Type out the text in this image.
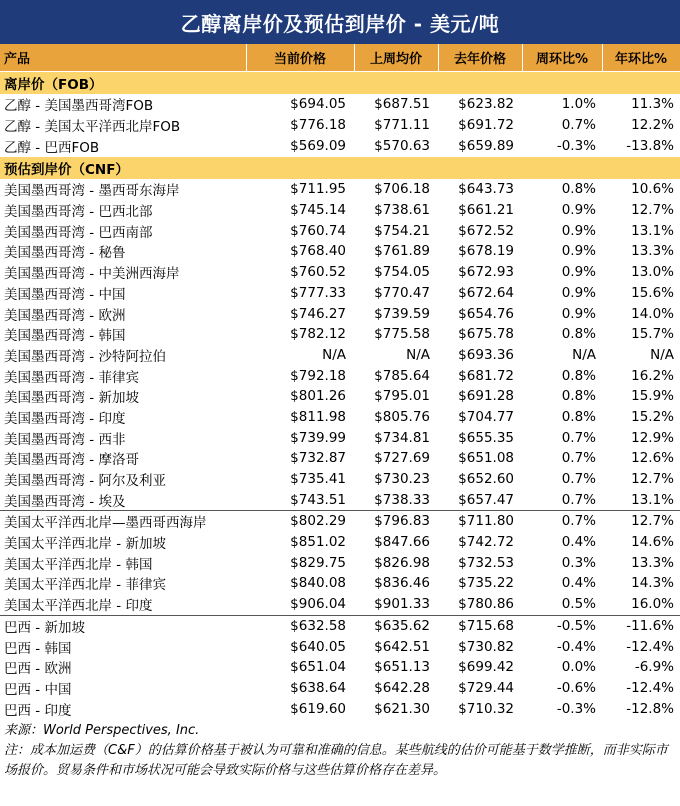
乙醇离岸价及预估到岸价 - 美元/吨
产品	当前价格	上周均价	去年价格	周环比%	年环比%
离岸价（FOB）					
乙醇 - 美国墨西哥湾FOB	$694.05	$687.51	$623.82	1.0%	11.3%
乙醇 - 美国太平洋西北岸FOB	$776.18	$771.11	$691.72	0.7%	12.2%
乙醇 - 巴西FOB	$569.09	$570.63	$659.89	-0.3%	-13.8%
预估到岸价（CNF）					
美国墨西哥湾 - 墨西哥东海岸	$711.95	$706.18	$643.73	0.8%	10.6%
美国墨西哥湾 - 巴西北部	$745.14	$738.61	$661.21	0.9%	12.7%
美国墨西哥湾 - 巴西南部	$760.74	$754.21	$672.52	0.9%	13.1%
美国墨西哥湾 - 秘鲁	$768.40	$761.89	$678.19	0.9%	13.3%
美国墨西哥湾 - 中美洲西海岸	$760.52	$754.05	$672.93	0.9%	13.0%
美国墨西哥湾 - 中国	$777.33	$770.47	$672.64	0.9%	15.6%
美国墨西哥湾 - 欧洲	$746.27	$739.59	$654.76	0.9%	14.0%
美国墨西哥湾 - 韩国	$782.12	$775.58	$675.78	0.8%	15.7%
美国墨西哥湾 - 沙特阿拉伯	N/A	N/A	$693.36	N/A	N/A
美国墨西哥湾 - 菲律宾	$792.18	$785.64	$681.72	0.8%	16.2%
美国墨西哥湾 - 新加坡	$801.26	$795.01	$691.28	0.8%	15.9%
美国墨西哥湾 - 印度	$811.98	$805.76	$704.77	0.8%	15.2%
美国墨西哥湾 - 西非	$739.99	$734.81	$655.35	0.7%	12.9%
美国墨西哥湾 - 摩洛哥	$732.87	$727.69	$651.08	0.7%	12.6%
美国墨西哥湾 - 阿尔及利亚	$735.41	$730.23	$652.60	0.7%	12.7%
美国墨西哥湾 - 埃及	$743.51	$738.33	$657.47	0.7%	13.1%
美国太平洋西北岸—墨西哥西海岸	$802.29	$796.83	$711.80	0.7%	12.7%
美国太平洋西北岸 - 新加坡	$851.02	$847.66	$742.72	0.4%	14.6%
美国太平洋西北岸 - 韩国	$829.75	$826.98	$732.53	0.3%	13.3%
美国太平洋西北岸 - 菲律宾	$840.08	$836.46	$735.22	0.4%	14.3%
美国太平洋西北岸 - 印度	$906.04	$901.33	$780.86	0.5%	16.0%
巴西 - 新加坡	$632.58	$635.62	$715.68	-0.5%	-11.6%
巴西 - 韩国	$640.05	$642.51	$730.82	-0.4%	-12.4%
巴西 - 欧洲	$651.04	$651.13	$699.42	0.0%	-6.9%
巴西 - 中国	$638.64	$642.28	$729.44	-0.6%	-12.4%
巴西 - 印度	$619.60	$621.30	$710.32	-0.3%	-12.8%
来源：World Perspectives, Inc.
注：成本加运费（C&F）的估算价格基于被认为可靠和准确的信息。某些航线的估价可能基于数学推断，而非实际市场报价。贸易条件和市场状况可能会导致实际价格与这些估算价格存在差异。
